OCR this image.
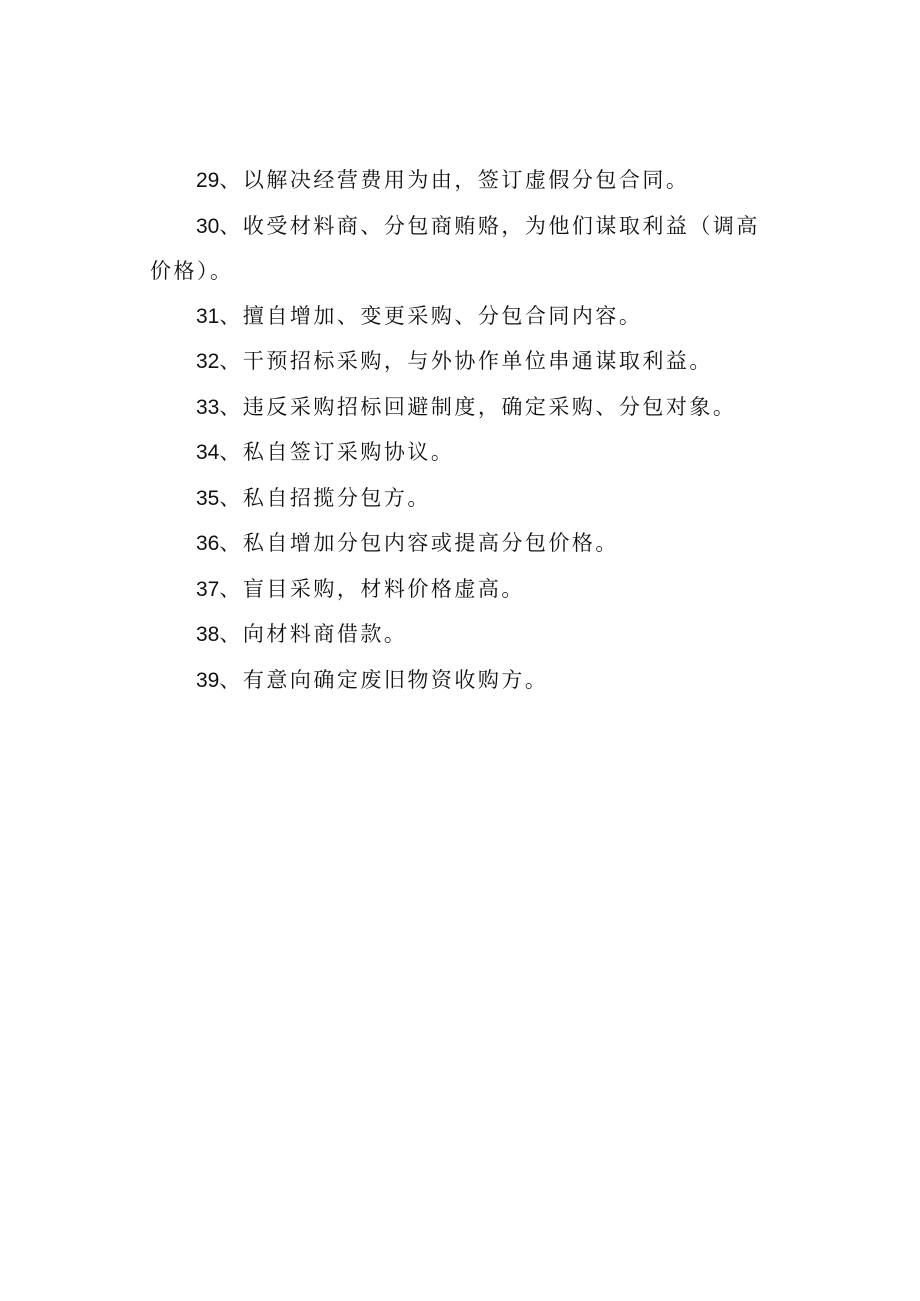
29、以解决经营费用为由，签订虚假分包合同。

30、收受材料商、分包商贿赂，为他们谋取利益（调高价格）。

31、擅自增加、变更采购、分包合同内容。

32、干预招标采购，与外协作单位串通谋取利益。

33、违反采购招标回避制度，确定采购、分包对象。

34、私自签订采购协议。

35、私自招揽分包方。

36、私自增加分包内容或提高分包价格。

37、盲目采购，材料价格虚高。

38、向材料商借款。

39、有意向确定废旧物资收购方。
